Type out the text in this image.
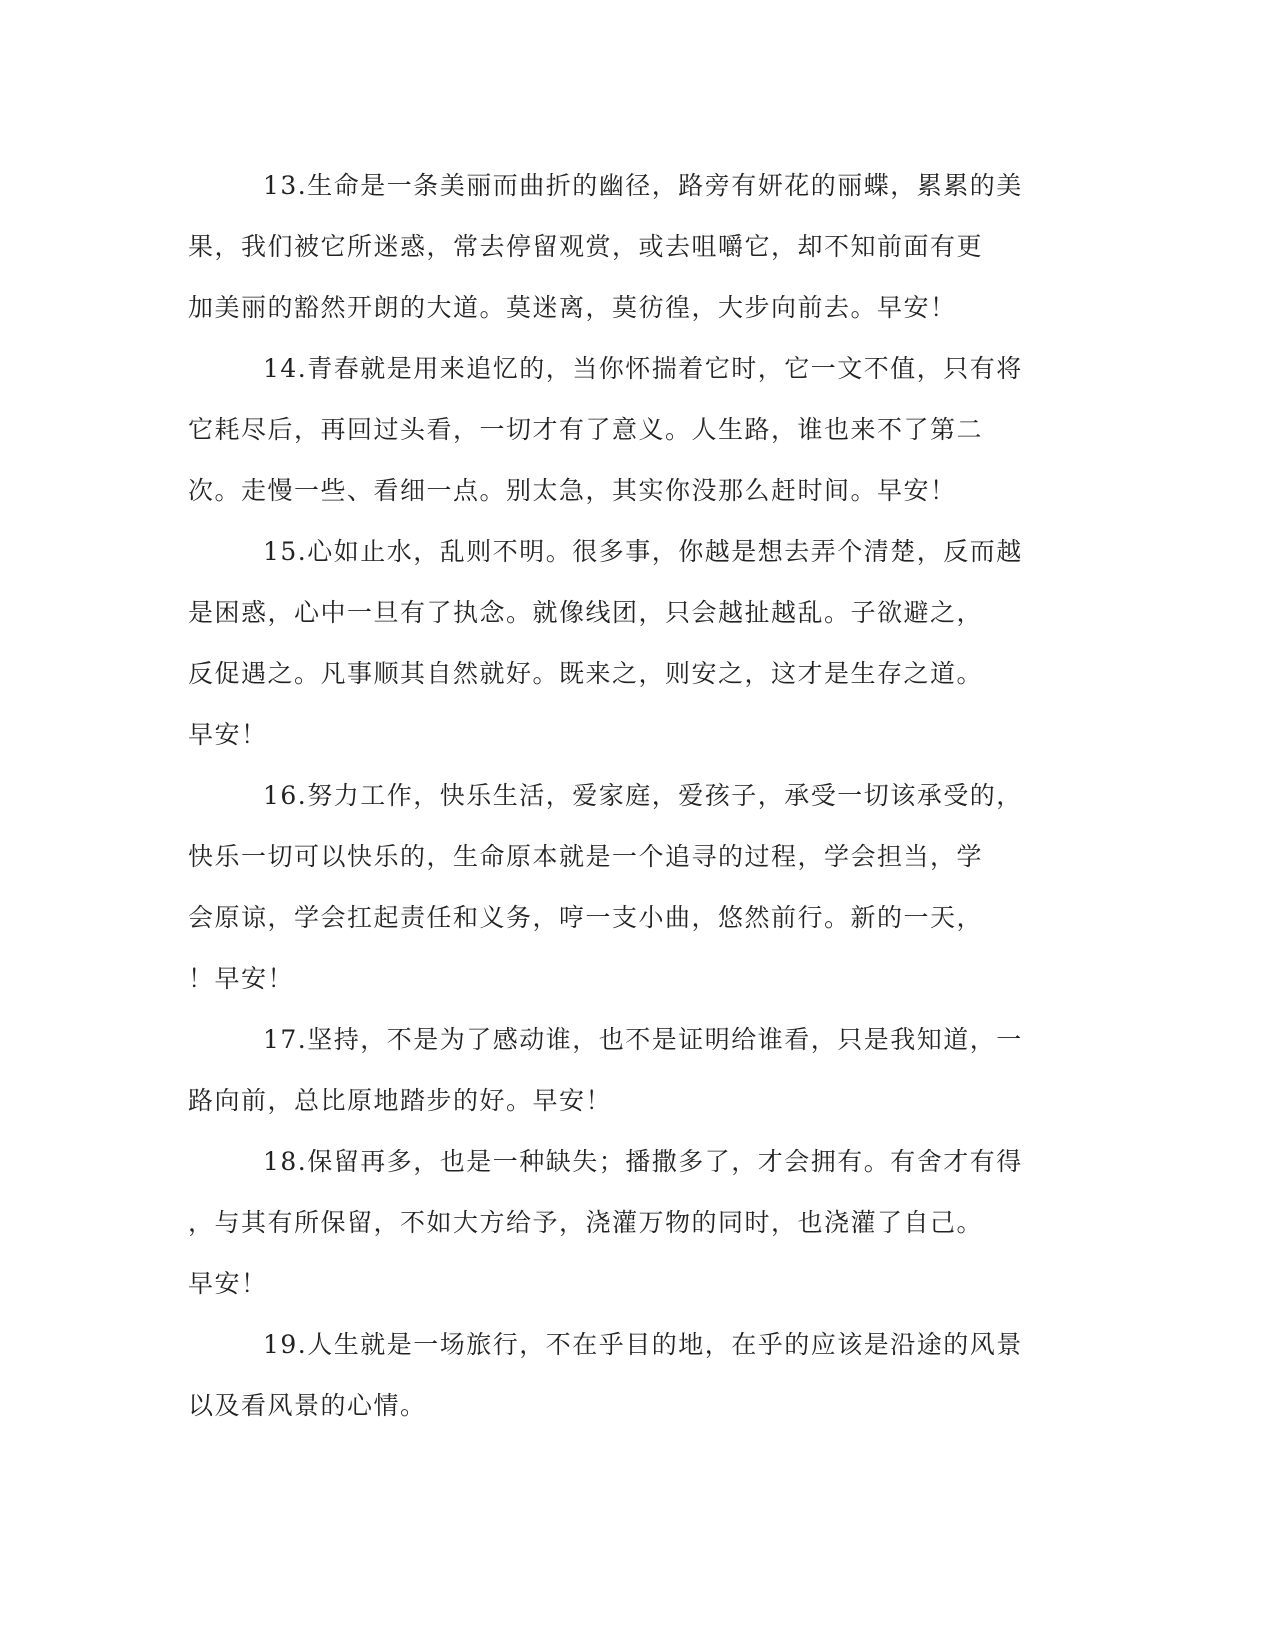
13.生命是一条美丽而曲折的幽径，路旁有妍花的丽蝶，累累的美
果，我们被它所迷惑，常去停留观赏，或去咀嚼它，却不知前面有更
加美丽的豁然开朗的大道。莫迷离，莫彷徨，大步向前去。早安！
14.青春就是用来追忆的，当你怀揣着它时，它一文不值，只有将
它耗尽后，再回过头看，一切才有了意义。人生路，谁也来不了第二
次。走慢一些、看细一点。别太急，其实你没那么赶时间。早安！
15.心如止水，乱则不明。很多事，你越是想去弄个清楚，反而越
是困惑，心中一旦有了执念。就像线团，只会越扯越乱。子欲避之，
反促遇之。凡事顺其自然就好。既来之，则安之，这才是生存之道。
早安！
16.努力工作，快乐生活，爱家庭，爱孩子，承受一切该承受的，
快乐一切可以快乐的，生命原本就是一个追寻的过程，学会担当，学
会原谅，学会扛起责任和义务，哼一支小曲，悠然前行。新的一天，
！早安！
17.坚持，不是为了感动谁，也不是证明给谁看，只是我知道，一
路向前，总比原地踏步的好。早安！
18.保留再多，也是一种缺失；播撒多了，才会拥有。有舍才有得
，与其有所保留，不如大方给予，浇灌万物的同时，也浇灌了自己。
早安！
19.人生就是一场旅行，不在乎目的地，在乎的应该是沿途的风景
以及看风景的心情。
